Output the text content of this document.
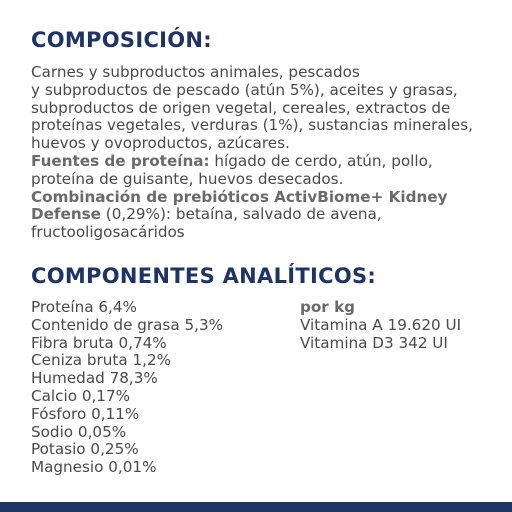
COMPOSICIÓN:
Carnes y subproductos animales, pescados
y subproductos de pescado (atún 5%), aceites y grasas,
subproductos de origen vegetal, cereales, extractos de
proteínas vegetales, verduras (1%), sustancias minerales,
huevos y ovoproductos, azúcares.
Fuentes de proteína: hígado de cerdo, atún, pollo,
proteína de guisante, huevos desecados.
Combinación de prebióticos ActivBiome+ Kidney
Defense (0,29%): betaína, salvado de avena,
fructooligosacáridos
COMPONENTES ANALÍTICOS:
Proteína 6,4%
Contenido de grasa 5,3%
Fibra bruta 0,74%
Ceniza bruta 1,2%
Humedad 78,3%
Calcio 0,17%
Fósforo 0,11%
Sodio 0,05%
Potasio 0,25%
Magnesio 0,01%
por kg
Vitamina A 19.620 UI
Vitamina D3 342 UI
